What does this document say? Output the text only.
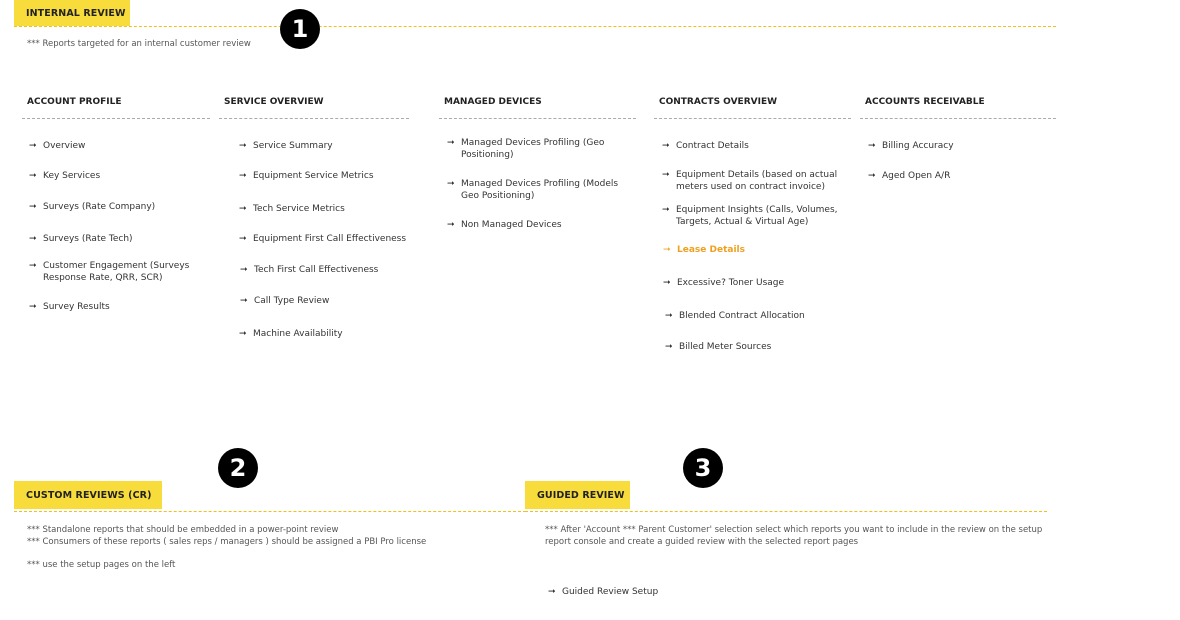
INTERNAL REVIEW

*** Reports targeted for an internal customer review

1
ACCOUNT PROFILE
➞ Overview
➞ Key Services
➞ Surveys (Rate Company)
➞ Surveys (Rate Tech)
➞ Customer Engagement (Surveys Response Rate, QRR, SCR)
➞ Survey Results
SERVICE OVERVIEW
➞ Service Summary
➞ Equipment Service Metrics
➞ Tech Service Metrics
➞ Equipment First Call Effectiveness
➞ Tech First Call Effectiveness
➞ Call Type Review
➞ Machine Availability
MANAGED DEVICES
➞ Managed Devices Profiling (Geo Positioning)
➞ Managed Devices Profiling (Models Geo Positioning)
➞ Non Managed Devices
CONTRACTS OVERVIEW
➞ Contract Details
➞ Equipment Details (based on actual meters used on contract invoice)
➞ Equipment Insights (Calls, Volumes, Targets, Actual & Virtual Age)
➞ Lease Details
➞ Excessive? Toner Usage
➞ Blended Contract Allocation
➞ Billed Meter Sources
ACCOUNTS RECEIVABLE
➞ Billing Accuracy
➞ Aged Open A/R
2
CUSTOM REVIEWS (CR)

*** Standalone reports that should be embedded in a power-point review

*** Consumers of these reports ( sales reps / managers ) should be assigned a PBI Pro license

*** use the setup pages on the left

3
GUIDED REVIEW

*** After 'Account *** Parent Customer' selection select which reports you want to include in the review on the setup report console and create a guided review with the selected report pages

➞ Guided Review Setup
